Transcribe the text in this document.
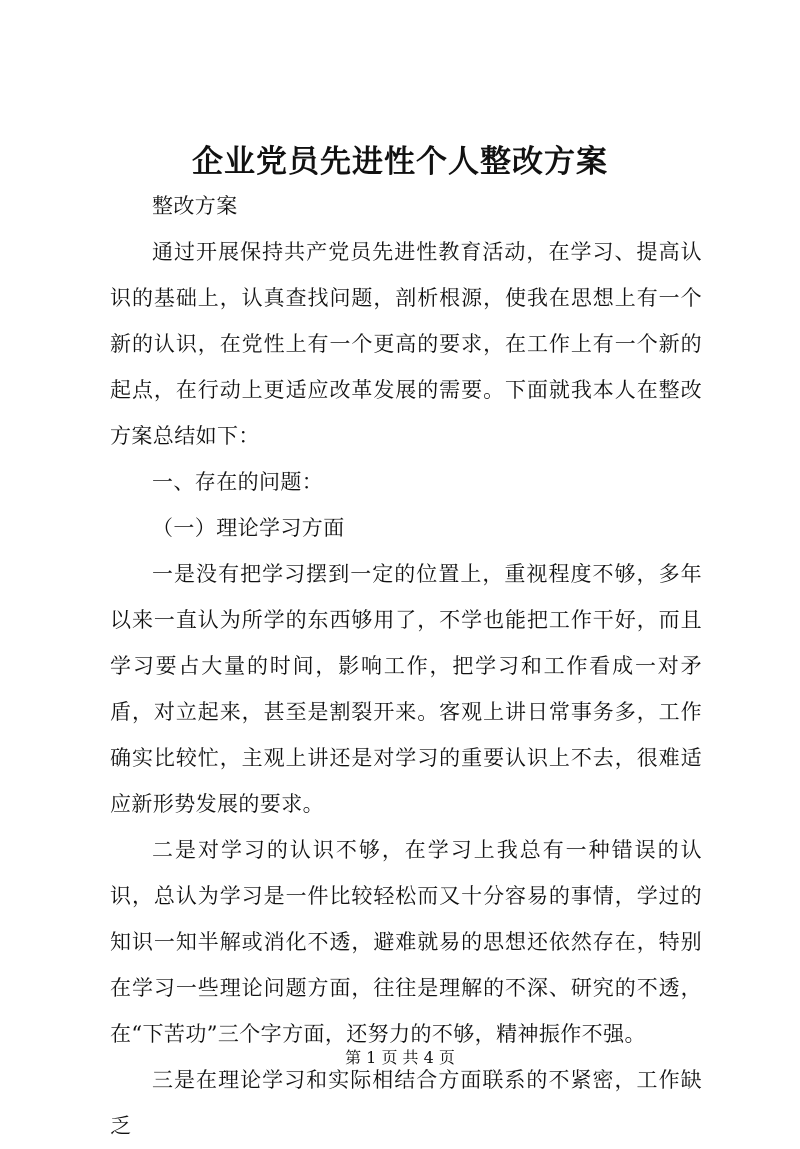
企业党员先进性个人整改方案

整改方案

通过开展保持共产党员先进性教育活动，在学习、提高认识的基础上，认真查找问题，剖析根源，使我在思想上有一个新的认识，在党性上有一个更高的要求，在工作上有一个新的起点，在行动上更适应改革发展的需要。下面就我本人在整改方案总结如下：

一、存在的问题：

（一）理论学习方面

一是没有把学习摆到一定的位置上，重视程度不够，多年以来一直认为所学的东西够用了，不学也能把工作干好，而且学习要占大量的时间，影响工作，把学习和工作看成一对矛盾，对立起来，甚至是割裂开来。客观上讲日常事务多，工作确实比较忙，主观上讲还是对学习的重要认识上不去，很难适应新形势发展的要求。

二是对学习的认识不够，在学习上我总有一种错误的认识，总认为学习是一件比较轻松而又十分容易的事情，学过的知识一知半解或消化不透，避难就易的思想还依然存在，特别在学习一些理论问题方面，往往是理解的不深、研究的不透，在“下苦功”三个字方面，还努力的不够，精神振作不强。

三是在理论学习和实际相结合方面联系的不紧密，工作缺乏

第 1 页 共 4 页
